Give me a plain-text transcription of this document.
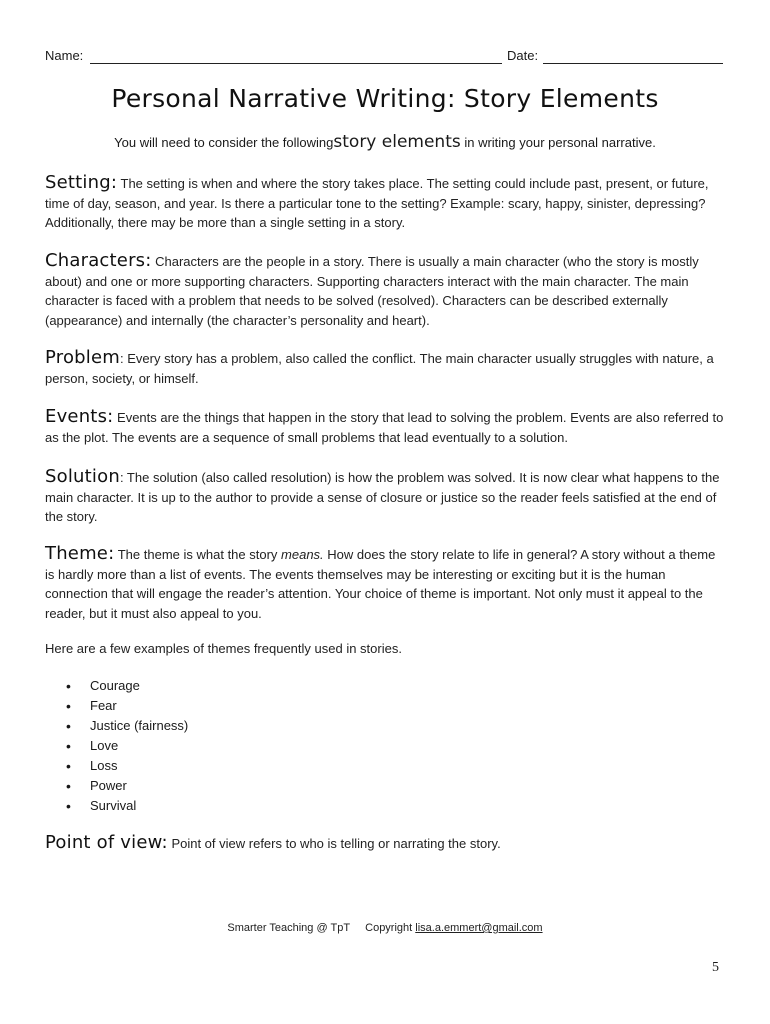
Name:	Date:
Personal Narrative Writing: Story Elements
You will need to consider the followingstory elements in writing your personal narrative.
Setting: The setting is when and where the story takes place. The setting could include past, present, or future, time of day, season, and year. Is there a particular tone to the setting? Example: scary, happy, sinister, depressing? Additionally, there may be more than a single setting in a story.
Characters: Characters are the people in a story. There is usually a main character (who the story is mostly about) and one or more supporting characters. Supporting characters interact with the main character. The main character is faced with a problem that needs to be solved (resolved). Characters can be described externally (appearance) and internally (the character’s personality and heart).
Problem: Every story has a problem, also called the conflict. The main character usually struggles with nature, a person, society, or himself.
Events: Events are the things that happen in the story that lead to solving the problem. Events are also referred to as the plot. The events are a sequence of small problems that lead eventually to a solution.
Solution: The solution (also called resolution) is how the problem was solved. It is now clear what happens to the main character. It is up to the author to provide a sense of closure or justice so the reader feels satisfied at the end of the story.
Theme: The theme is what the story means. How does the story relate to life in general? A story without a theme is hardly more than a list of events. The events themselves may be interesting or exciting but it is the human connection that will engage the reader’s attention. Your choice of theme is important. Not only must it appeal to the reader, but it must also appeal to you.
Here are a few examples of themes frequently used in stories.
• Courage
• Fear
• Justice (fairness)
• Love
• Loss
• Power
• Survival
Point of view: Point of view refers to who is telling or narrating the story.
Smarter Teaching @ TpT     Copyright lisa.a.emmert@gmail.com
5
